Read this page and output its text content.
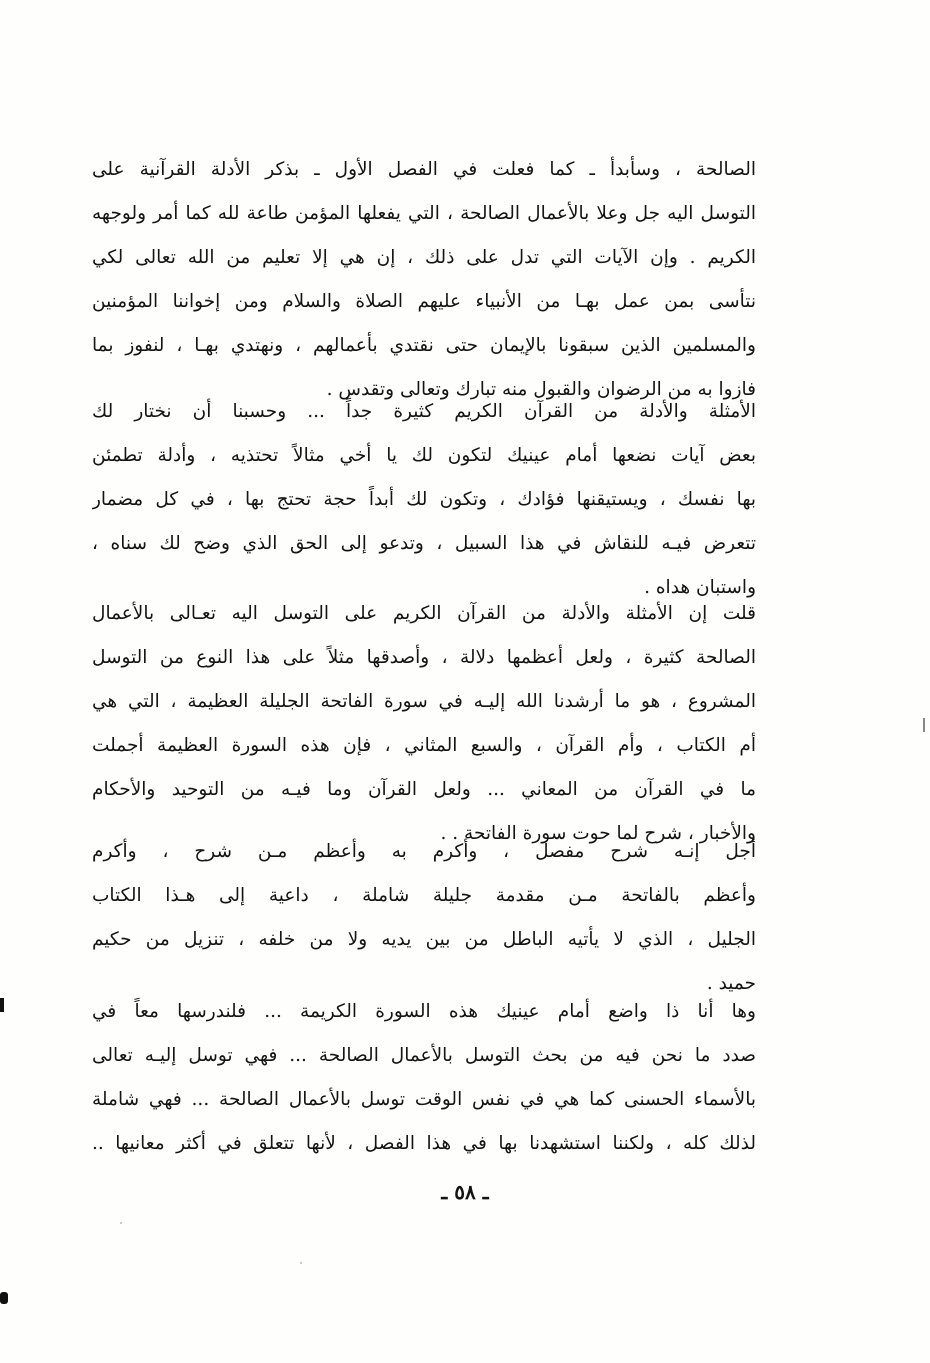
الصالحة ، وسأبدأ ـ كما فعلت في الفصل الأول ـ بذكر الأدلة القرآنية على
التوسل اليه جل وعلا بالأعمال الصالحة ، التي يفعلها المؤمن طاعة لله كما أمر ولوجهه
الكريم . وإن الآيات التي تدل على ذلك ، إن هي إلا تعليم من الله تعالى لكي
نتأسى بمن عمل بهـا من الأنبياء عليهم الصلاة والسلام ومن إخواننا المؤمنين
والمسلمين الذين سبقونا بالإيمان حتى نقتدي بأعمالهم ، ونهتدي بهـا ، لنفوز بما
فازوا به من الرضوان والقبول منه تبارك وتعالى وتقدس .
الأمثلة والأدلة من القرآن الكريم كثيرة جداً ... وحسبنا أن نختار لك
بعض آيات نضعها أمام عينيك لتكون لك يا أخي مثالاً تحتذيه ، وأدلة تطمئن
بها نفسك ، ويستيقنها فؤادك ، وتكون لك أبداً حجة تحتج بها ، في كل مضمار
تتعرض فيـه للنقاش في هذا السبيل ، وتدعو إلى الحق الذي وضح لك سناه ،
واستبان هداه .
قلت إن الأمثلة والأدلة من القرآن الكريم على التوسل اليه تعـالى بالأعمال
الصالحة كثيرة ، ولعل أعظمها دلالة ، وأصدقها مثلاً على هذا النوع من التوسل
المشروع ، هو ما أرشدنا الله إليـه في سورة الفاتحة الجليلة العظيمة ، التي هي
أم الكتاب ، وأم القرآن ، والسبع المثاني ، فإن هذه السورة العظيمة أجملت
ما في القرآن من المعاني ... ولعل القرآن وما فيـه من التوحيد والأحكام
والأخبار ، شرح لما حوت سورة الفاتحة . .
أجل إنـه شرح مفصل ، وأكرم به وأعظم مـن شرح ، وأكرم
وأعظم بالفاتحة مـن مقدمة جليلة شاملة ، داعية إلى هـذا الكتاب
الجليل ، الذي لا يأتيه الباطل من بين يديه ولا من خلفه ، تنزيل من حكيم
حميد .
وها أنا ذا واضع أمام عينيك هذه السورة الكريمة ... فلندرسها معاً في
صدد ما نحن فيه من بحث التوسل بالأعمال الصالحة ... فهي توسل إليـه تعالى
بالأسماء الحسنى كما هي في نفس الوقت توسل بالأعمال الصالحة ... فهي شاملة
لذلك كله ، ولكننا استشهدنا بها في هذا الفصل ، لأنها تتعلق في أكثر معانيها ..
ـ ٥٨ ـ
